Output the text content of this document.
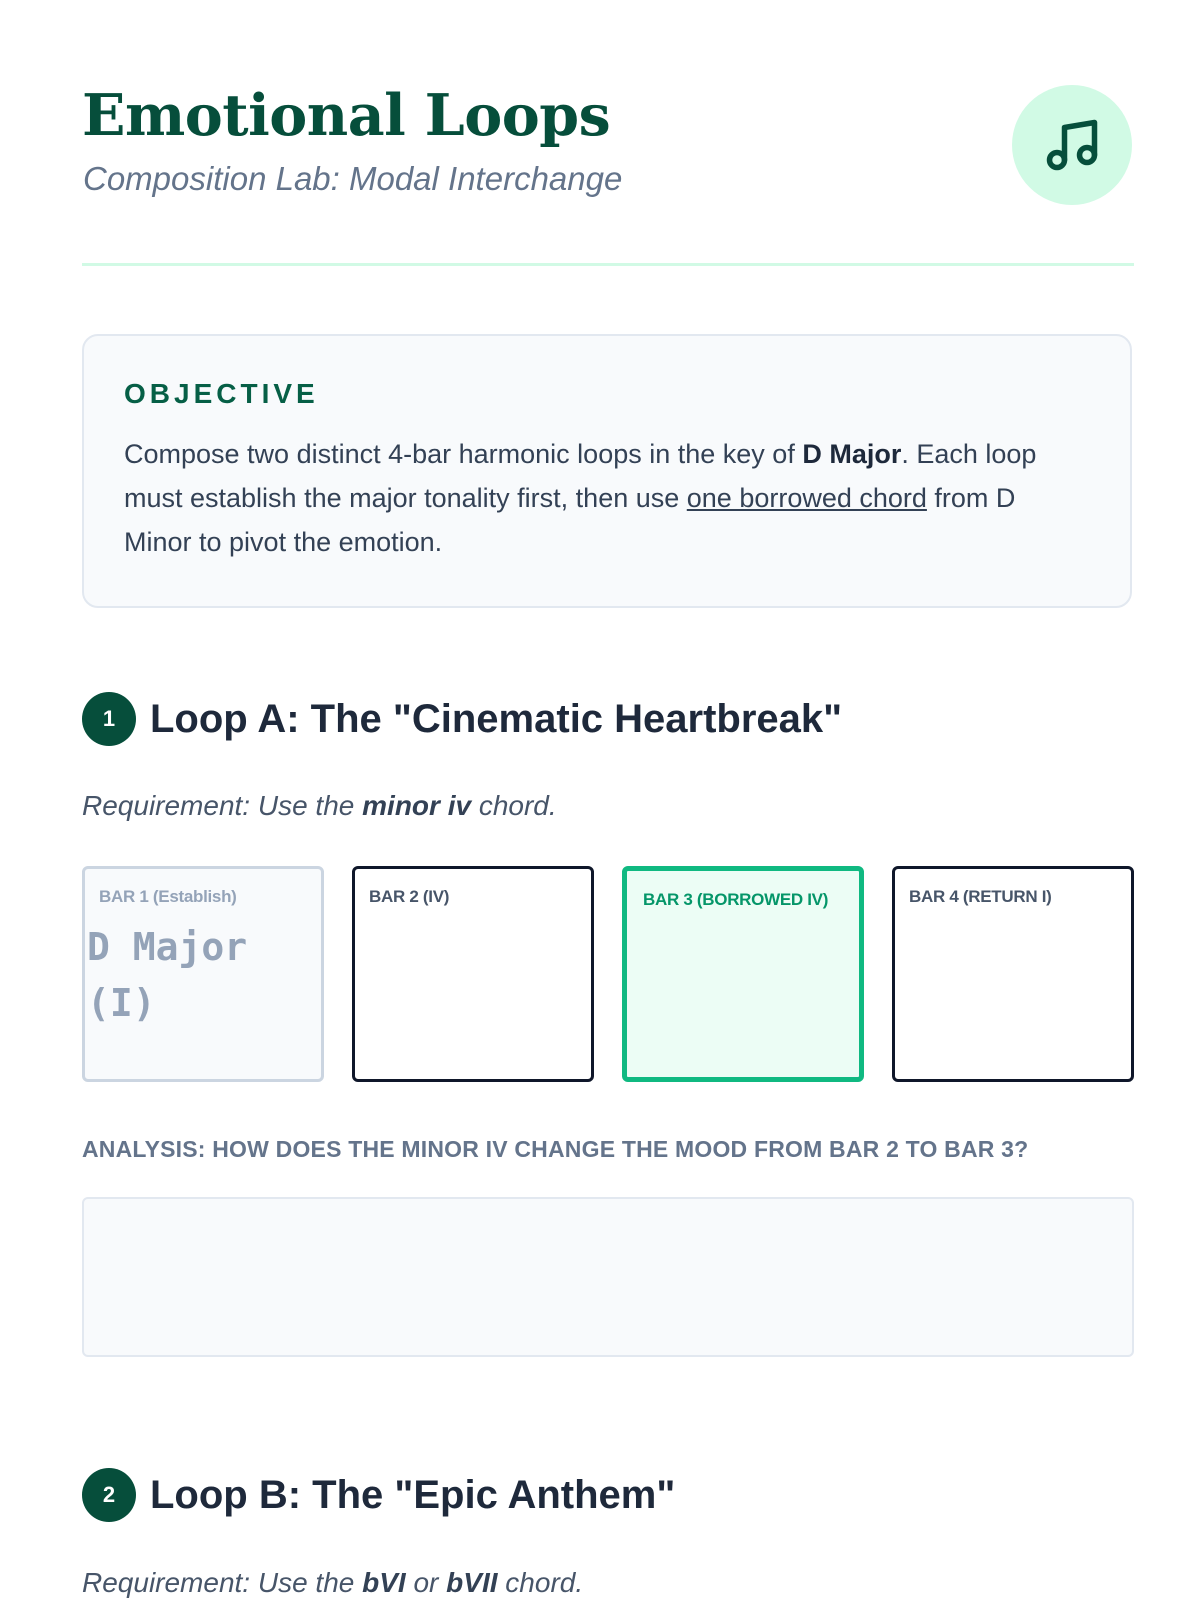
Emotional Loops

Composition Lab: Modal Interchange

OBJECTIVE

Compose two distinct 4-bar harmonic loops in the key of D Major. Each loop must establish the major tonality first, then use one borrowed chord from D Minor to pivot the emotion.

1 Loop A: The "Cinematic Heartbreak"

Requirement: Use the minor iv chord.

BAR 1 (Establish)

D Major (I)

BAR 2 (IV)	BAR 3 (BORROWED IV)	BAR 4 (RETURN I)

ANALYSIS: HOW DOES THE MINOR IV CHANGE THE MOOD FROM BAR 2 TO BAR 3?

2 Loop B: The "Epic Anthem"

Requirement: Use the bVI or bVII chord.
